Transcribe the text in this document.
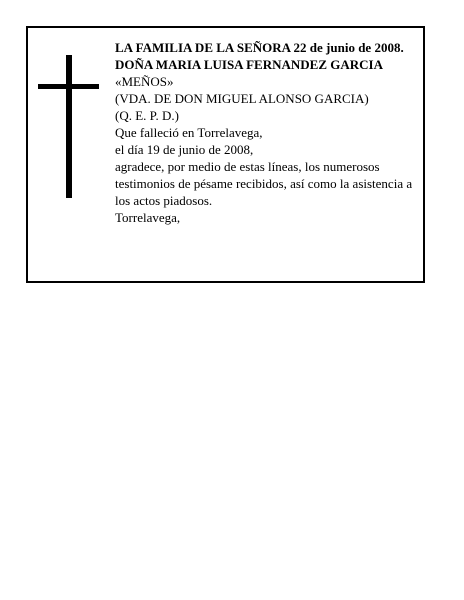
LA FAMILIA DE LA SEÑORA 22 de junio de 2008.
DOÑA MARIA LUISA FERNANDEZ GARCIA
«MEÑOS»
(VDA. DE DON MIGUEL ALONSO GARCIA)
(Q. E. P. D.)
Que falleció en Torrelavega,
el día 19 de junio de 2008,
agradece, por medio de estas líneas, los numerosos testimonios de pésame recibidos, así como la asistencia a los actos piadosos.
Torrelavega,
